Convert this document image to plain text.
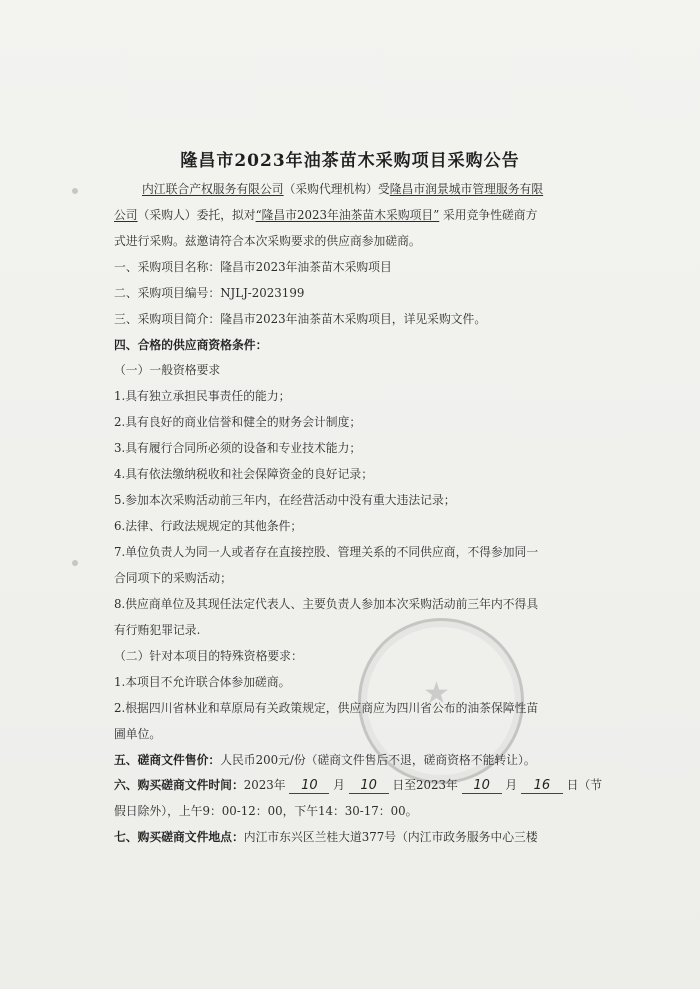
★
隆昌市2023年油茶苗木采购项目采购公告
内江联合产权服务有限公司（采购代理机构）受隆昌市润景城市管理服务有限
公司（采购人）委托，拟对“隆昌市2023年油茶苗木采购项目” 采用竞争性磋商方
式进行采购。兹邀请符合本次采购要求的供应商参加磋商。
一、采购项目名称：隆昌市2023年油茶苗木采购项目
二、采购项目编号：NJLJ-2023199
三、采购项目简介：隆昌市2023年油茶苗木采购项目，详见采购文件。
四、合格的供应商资格条件：
（一）一般资格要求
1.具有独立承担民事责任的能力；
2.具有良好的商业信誉和健全的财务会计制度；
3.具有履行合同所必须的设备和专业技术能力；
4.具有依法缴纳税收和社会保障资金的良好记录；
5.参加本次采购活动前三年内，在经营活动中没有重大违法记录；
6.法律、行政法规规定的其他条件；
7.单位负责人为同一人或者存在直接控股、管理关系的不同供应商，不得参加同一
合同项下的采购活动；
8.供应商单位及其现任法定代表人、主要负责人参加本次采购活动前三年内不得具
有行贿犯罪记录.
（二）针对本项目的特殊资格要求：
1.本项目不允许联合体参加磋商。
2.根据四川省林业和草原局有关政策规定，供应商应为四川省公布的油茶保障性苗
圃单位。
五、磋商文件售价：人民币200元/份（磋商文件售后不退，磋商资格不能转让）。
六、购买磋商文件时间：2023年 10 月 10 日至2023年 10 月 16 日（节
假日除外），上午9：00-12：00，下午14：30-17：00。
七、购买磋商文件地点：内江市东兴区兰桂大道377号（内江市政务服务中心三楼
